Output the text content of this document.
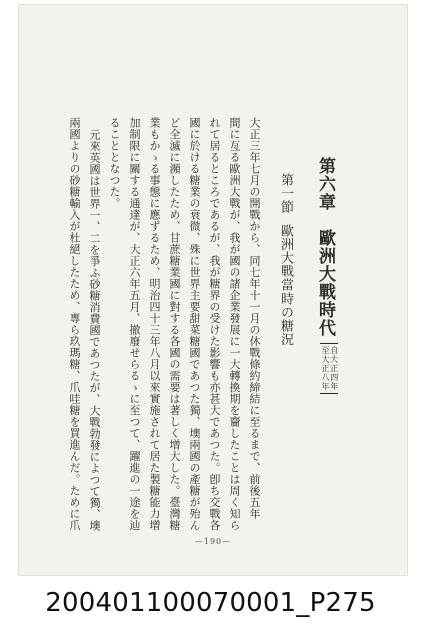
第六章　歐洲大戰時代自大正四年
至大正八年
第一節歐洲大戰當時の糖況
大正三年七月の開戰から、同七年十一月の休戰條約締結に至るまで、前後五年
間に亙る歐洲大戰が、我が國の諸企業發展に一大轉換期を齎したことは周く知ら
れて居るところであるが、我が糖界の受けた影響も亦甚大であつた。卽ち交戰各
國に於ける糖業の衰微、殊に世界主要甜菜糖國であつた獨、墺兩國の產糖が殆ん
ど全滅に瀕したため、甘蔗糖業國に對する各國の需要は著しく增大した。臺灣糖
業もかゝる事態に應ずるため、明治四十三年八月以來實施されて居た製糖能力增
加制限に關する通達が、大正六年五月、撤廢せらるゝに至つて、躍進の一途を辿
ることとなつた。
元來英國は世界一、二を爭ふ砂糖消費國であつたが、大戰勃發によつて獨、墺
兩國よりの砂糖輸入が杜絕したため、專ら玖瑪糖、爪哇糖を買進んだ。ために爪
—190—
200401100070001_P275
